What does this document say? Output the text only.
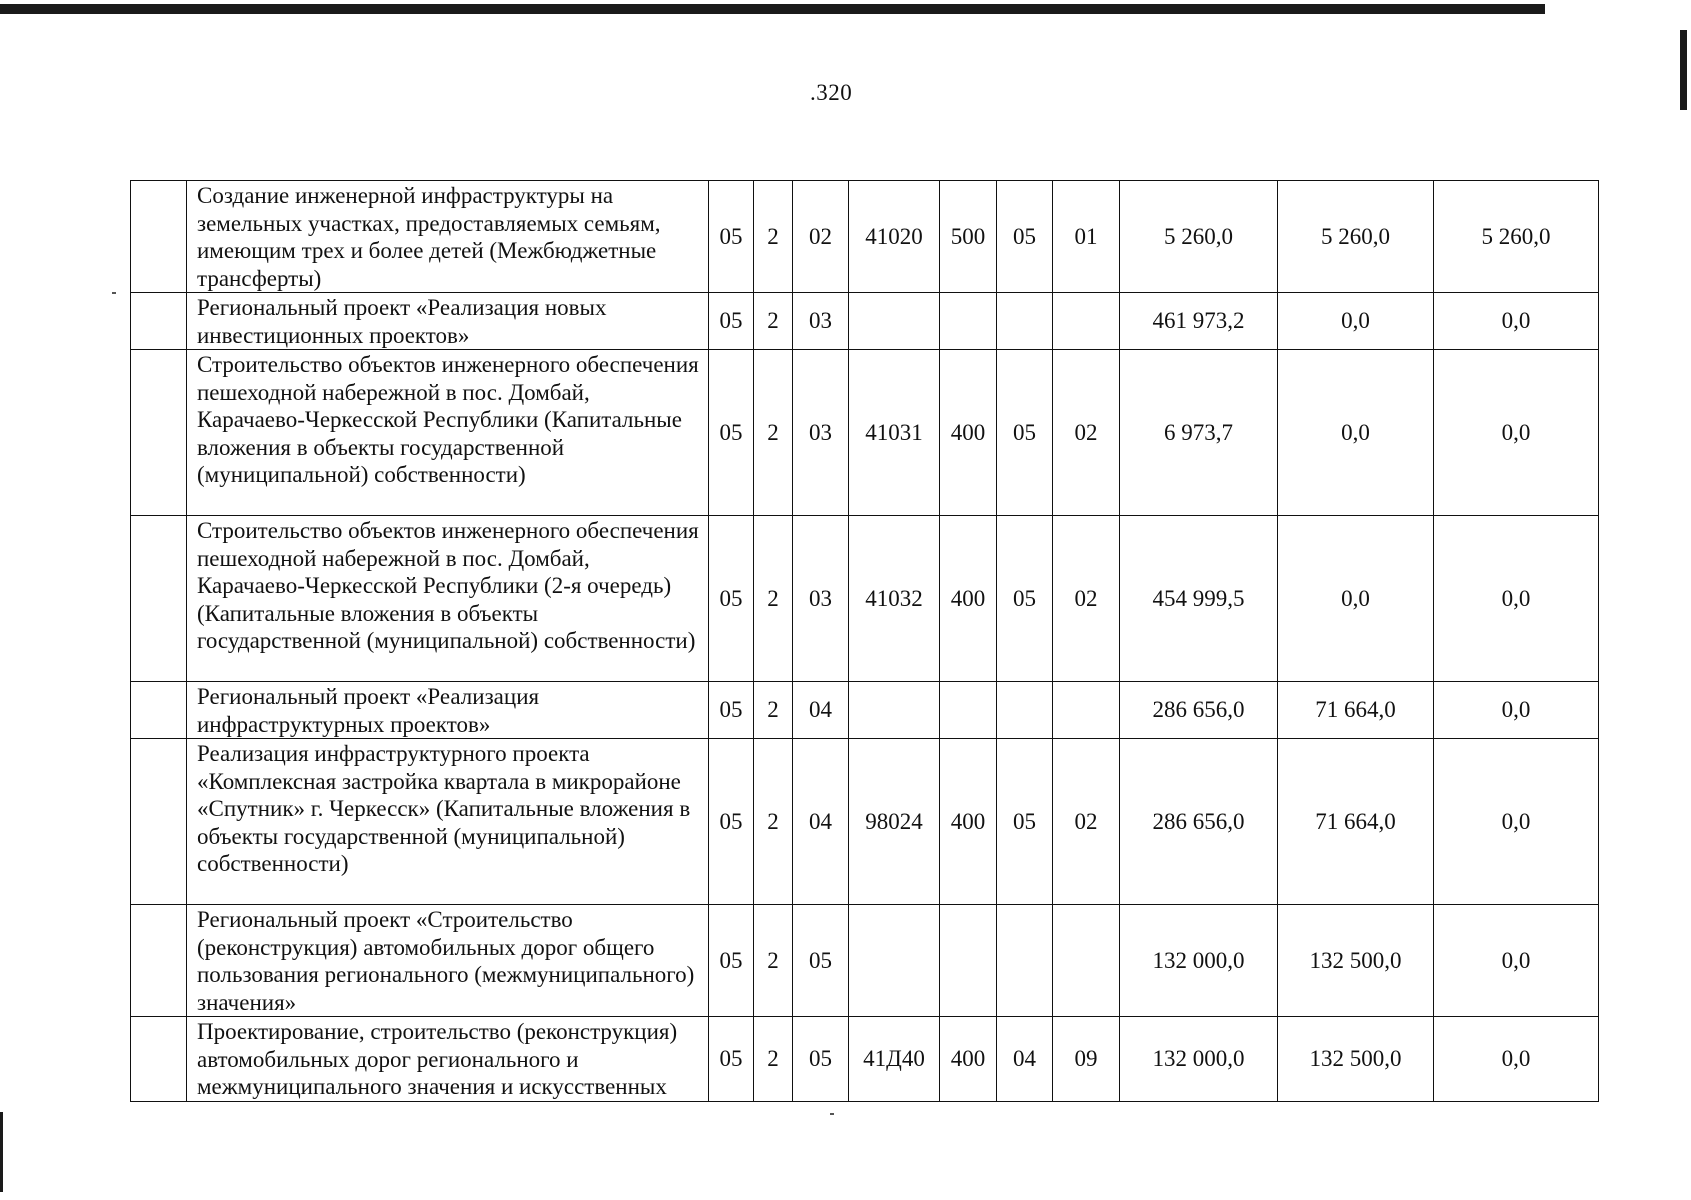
.320
	Создание инженерной инфраструктуры на земельных участках, предоставляемых семьям, имеющим трех и более детей (Межбюджетные трансферты)	05	2	02	41020	500	05	01	5 260,0	5 260,0	5 260,0
	Региональный проект «Реализация новых инвестиционных проектов»	05	2	03					461 973,2	0,0	0,0
	Строительство объектов инженерного обеспечения пешеходной набережной в пос. Домбай, Карачаево-Черкесской Республики (Капитальные вложения в объекты государственной (муниципальной) собственности)	05	2	03	41031	400	05	02	6 973,7	0,0	0,0
	Строительство объектов инженерного обеспечения пешеходной набережной в пос. Домбай, Карачаево-Черкесской Республики (2-я очередь) (Капитальные вложения в объекты государственной (муниципальной) собственности)	05	2	03	41032	400	05	02	454 999,5	0,0	0,0
	Региональный проект «Реализация инфраструктурных проектов»	05	2	04					286 656,0	71 664,0	0,0
	Реализация инфраструктурного проекта «Комплексная застройка квартала в микрорайоне «Спутник» г. Черкесск» (Капитальные вложения в объекты государственной (муниципальной) собственности)	05	2	04	98024	400	05	02	286 656,0	71 664,0	0,0
	Региональный проект «Строительство (реконструкция) автомобильных дорог общего пользования регионального (межмуниципального) значения»	05	2	05					132 000,0	132 500,0	0,0
	Проектирование, строительство (реконструкция) автомобильных дорог регионального и межмуниципального значения и искусственных	05	2	05	41Д40	400	04	09	132 000,0	132 500,0	0,0
